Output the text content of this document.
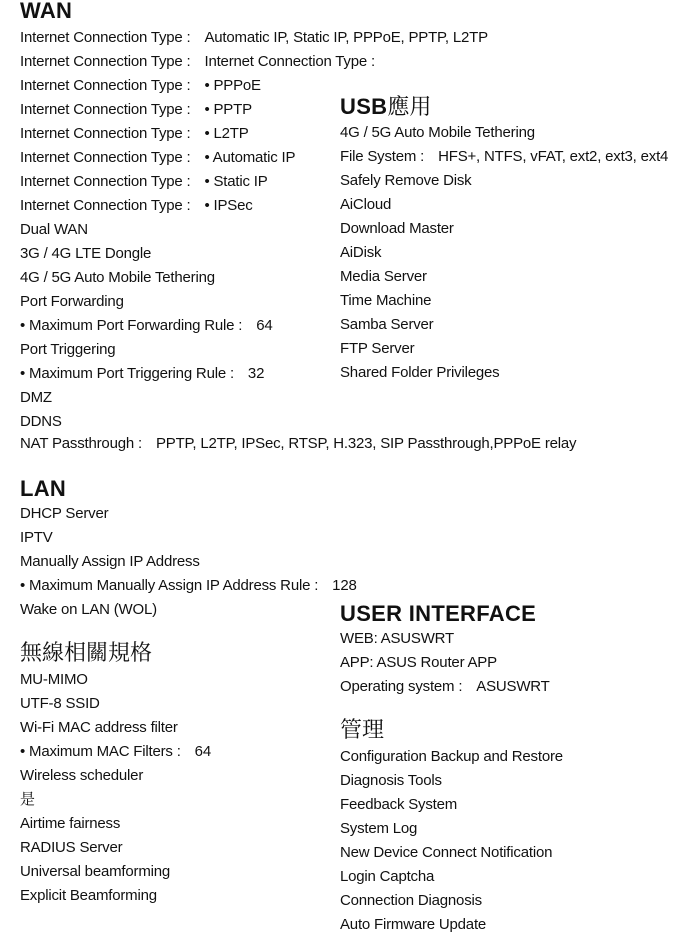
WAN
Internet Connection Type : Automatic IP, Static IP, PPPoE, PPTP, L2TP
Internet Connection Type : Internet Connection Type :
Internet Connection Type : • PPPoE
Internet Connection Type : • PPTP
Internet Connection Type : • L2TP
Internet Connection Type : • Automatic IP
Internet Connection Type : • Static IP
Internet Connection Type : • IPSec
Dual WAN
3G / 4G LTE Dongle
4G / 5G Auto Mobile Tethering
Port Forwarding
• Maximum Port Forwarding Rule : 64
Port Triggering
• Maximum Port Triggering Rule : 32
DMZ
DDNS
USB應用
4G / 5G Auto Mobile Tethering
File System : HFS+, NTFS, vFAT, ext2, ext3, ext4
Safely Remove Disk
AiCloud
Download Master
AiDisk
Media Server
Time Machine
Samba Server
FTP Server
Shared Folder Privileges
NAT Passthrough : PPTP, L2TP, IPSec, RTSP, H.323, SIP Passthrough,PPPoE relay
LAN
DHCP Server
IPTV
Manually Assign IP Address
• Maximum Manually Assign IP Address Rule : 128
Wake on LAN (WOL)	USER INTERFACE
WEB: ASUSWRT
APP: ASUS Router APP
Operating system : ASUSWRT
無線相關規格
MU-MIMO
UTF-8 SSID
Wi-Fi MAC address filter
• Maximum MAC Filters : 64
Wireless scheduler
是
Airtime fairness
RADIUS Server
Universal beamforming
Explicit Beamforming
管理
Configuration Backup and Restore
Diagnosis Tools
Feedback System
System Log
New Device Connect Notification
Login Captcha
Connection Diagnosis
Auto Firmware Update
